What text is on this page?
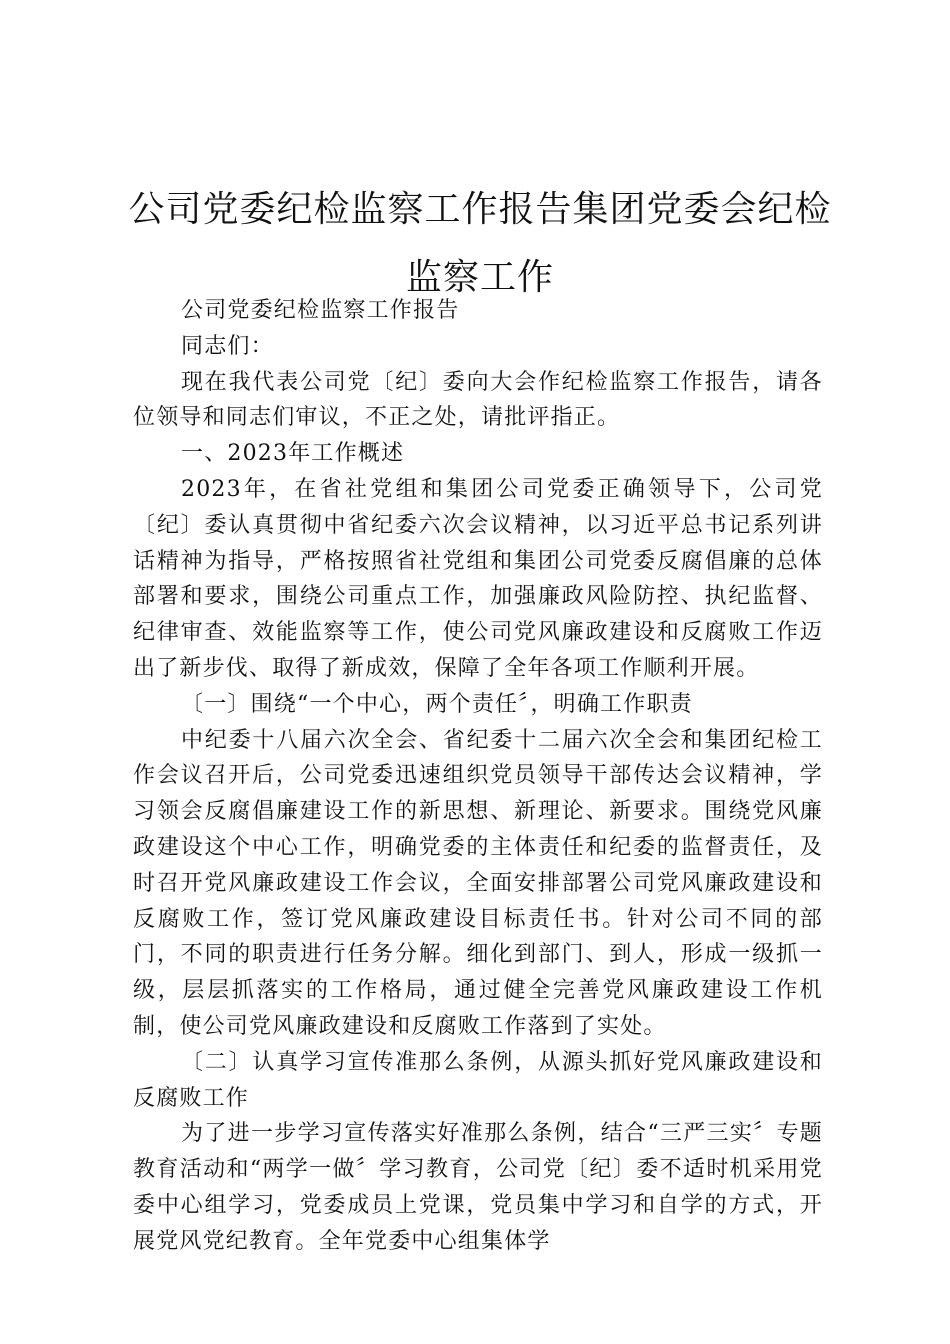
公司党委纪检监察工作报告集团党委会纪检
监察工作

公司党委纪检监察工作报告

同志们：

现在我代表公司党〔纪〕委向大会作纪检监察工作报告，请各位领导和同志们审议，不正之处，请批评指正。

一、2023年工作概述

2023年，在省社党组和集团公司党委正确领导下，公司党〔纪〕委认真贯彻中省纪委六次会议精神，以习近平总书记系列讲话精神为指导，严格按照省社党组和集团公司党委反腐倡廉的总体部署和要求，围绕公司重点工作，加强廉政风险防控、执纪监督、纪律审查、效能监察等工作，使公司党风廉政建设和反腐败工作迈出了新步伐、取得了新成效，保障了全年各项工作顺利开展。

〔一〕围绕“一个中心，两个责任〞，明确工作职责

中纪委十八届六次全会、省纪委十二届六次全会和集团纪检工作会议召开后，公司党委迅速组织党员领导干部传达会议精神，学习领会反腐倡廉建设工作的新思想、新理论、新要求。围绕党风廉政建设这个中心工作，明确党委的主体责任和纪委的监督责任，及时召开党风廉政建设工作会议，全面安排部署公司党风廉政建设和反腐败工作，签订党风廉政建设目标责任书。针对公司不同的部门，不同的职责进行任务分解。细化到部门、到人，形成一级抓一级，层层抓落实的工作格局，通过健全完善党风廉政建设工作机制，使公司党风廉政建设和反腐败工作落到了实处。

〔二〕认真学习宣传准那么条例，从源头抓好党风廉政建设和反腐败工作

为了进一步学习宣传落实好准那么条例，结合“三严三实〞专题教育活动和“两学一做〞学习教育，公司党〔纪〕委不适时机采用党委中心组学习，党委成员上党课，党员集中学习和自学的方式，开展党风党纪教育。全年党委中心组集体学
